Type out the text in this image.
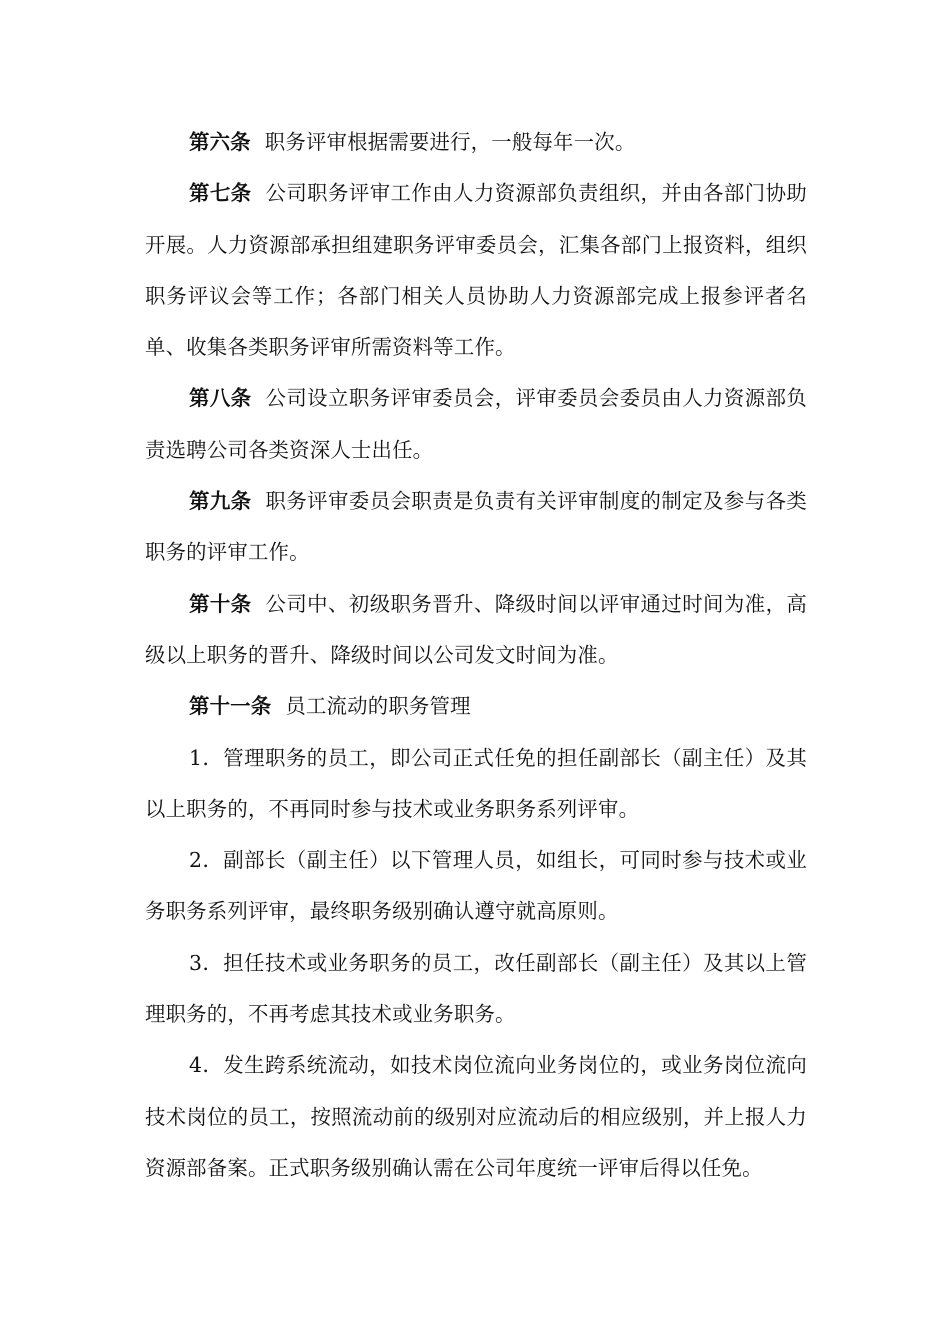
第六条 职务评审根据需要进行，一般每年一次。

第七条 公司职务评审工作由人力资源部负责组织，并由各部门协助开展。人力资源部承担组建职务评审委员会，汇集各部门上报资料，组织职务评议会等工作；各部门相关人员协助人力资源部完成上报参评者名单、收集各类职务评审所需资料等工作。

第八条 公司设立职务评审委员会，评审委员会委员由人力资源部负责选聘公司各类资深人士出任。

第九条 职务评审委员会职责是负责有关评审制度的制定及参与各类职务的评审工作。

第十条 公司中、初级职务晋升、降级时间以评审通过时间为准，高级以上职务的晋升、降级时间以公司发文时间为准。

第十一条 员工流动的职务管理

1．管理职务的员工，即公司正式任免的担任副部长（副主任）及其以上职务的，不再同时参与技术或业务职务系列评审。

2．副部长（副主任）以下管理人员，如组长，可同时参与技术或业务职务系列评审，最终职务级别确认遵守就高原则。

3．担任技术或业务职务的员工，改任副部长（副主任）及其以上管理职务的，不再考虑其技术或业务职务。

4．发生跨系统流动，如技术岗位流向业务岗位的，或业务岗位流向技术岗位的员工，按照流动前的级别对应流动后的相应级别，并上报人力资源部备案。正式职务级别确认需在公司年度统一评审后得以任免。
